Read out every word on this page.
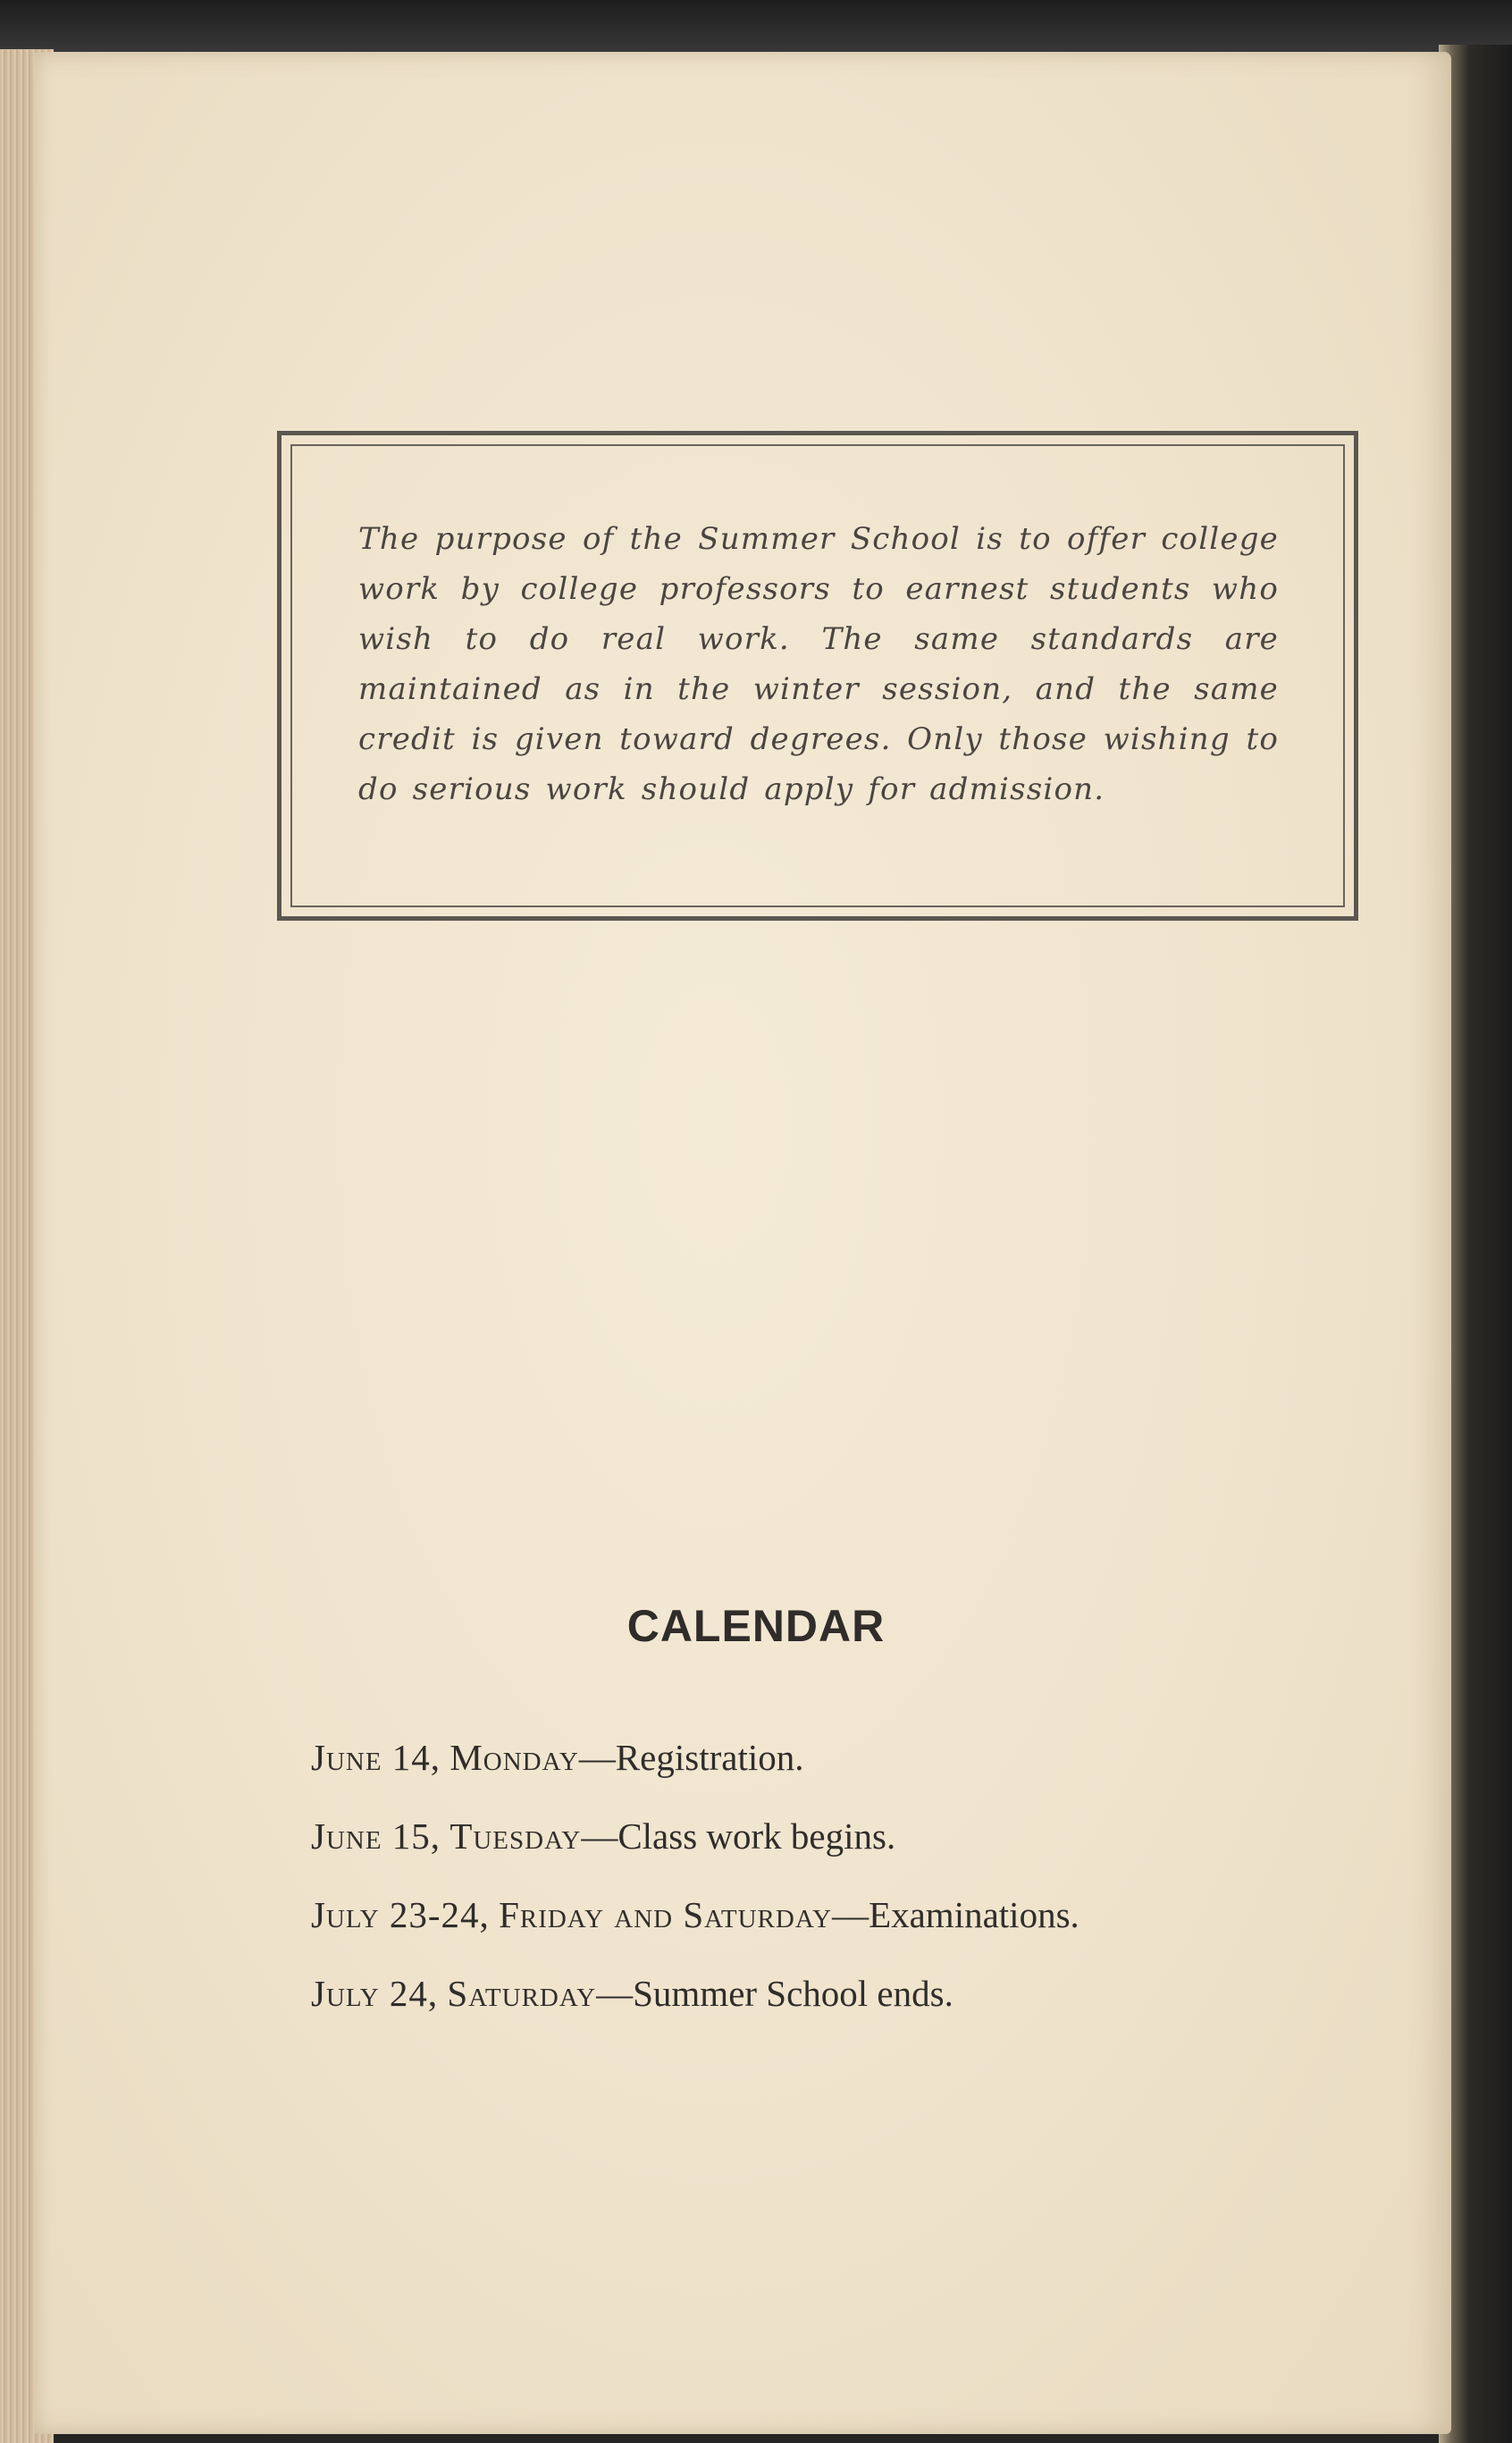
The purpose of the Summer School is to offer college work by college professors to earnest students who wish to do real work. The same standards are maintained as in the winter session, and the same credit is given toward degrees. Only those wishing to do serious work should apply for admission.

CALENDAR
June 14, Monday—Registration.
June 15, Tuesday—Class work begins.
July 23-24, Friday and Saturday—Examinations.
July 24, Saturday—Summer School ends.
